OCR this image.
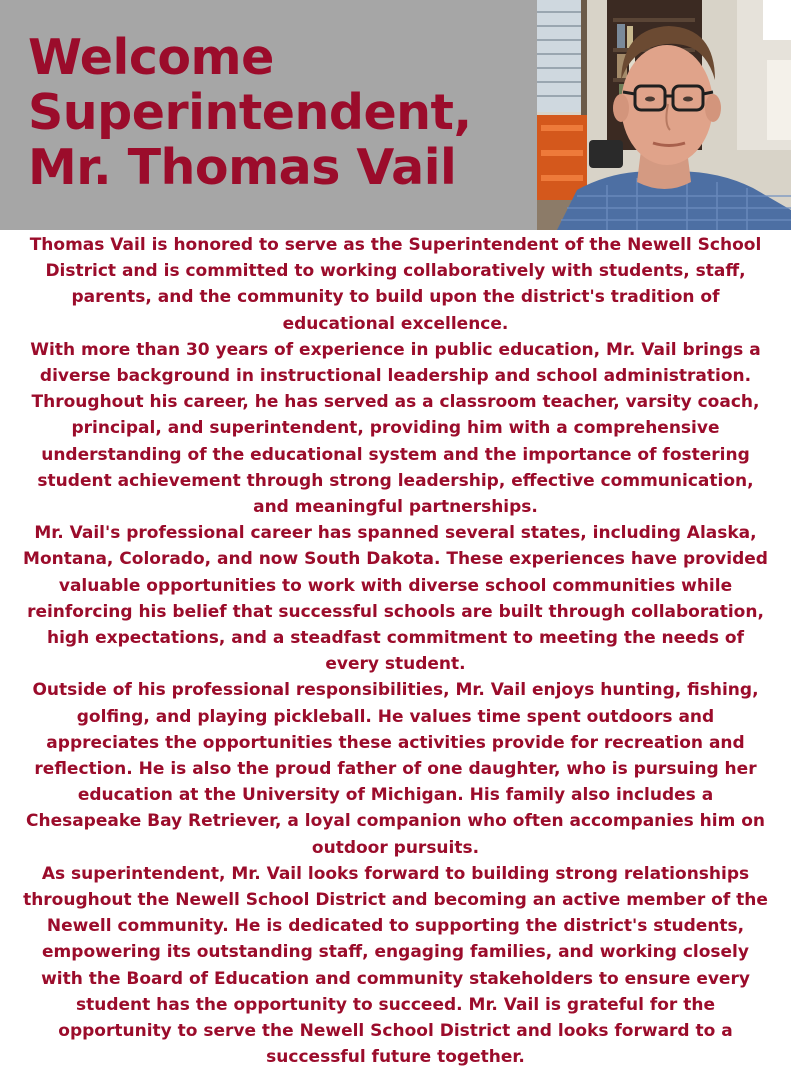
Welcome
Superintendent,
Mr. Thomas Vail

Thomas Vail is honored to serve as the Superintendent of the Newell School District and is committed to working collaboratively with students, staff, parents, and the community to build upon the district's tradition of educational excellence.

With more than 30 years of experience in public education, Mr. Vail brings a diverse background in instructional leadership and school administration. Throughout his career, he has served as a classroom teacher, varsity coach, principal, and superintendent, providing him with a comprehensive understanding of the educational system and the importance of fostering student achievement through strong leadership, effective communication, and meaningful partnerships.

Mr. Vail's professional career has spanned several states, including Alaska, Montana, Colorado, and now South Dakota. These experiences have provided valuable opportunities to work with diverse school communities while reinforcing his belief that successful schools are built through collaboration, high expectations, and a steadfast commitment to meeting the needs of every student.

Outside of his professional responsibilities, Mr. Vail enjoys hunting, fishing, golfing, and playing pickleball. He values time spent outdoors and appreciates the opportunities these activities provide for recreation and reflection. He is also the proud father of one daughter, who is pursuing her education at the University of Michigan. His family also includes a Chesapeake Bay Retriever, a loyal companion who often accompanies him on outdoor pursuits.

As superintendent, Mr. Vail looks forward to building strong relationships throughout the Newell School District and becoming an active member of the Newell community. He is dedicated to supporting the district's students, empowering its outstanding staff, engaging families, and working closely with the Board of Education and community stakeholders to ensure every student has the opportunity to succeed. Mr. Vail is grateful for the opportunity to serve the Newell School District and looks forward to a successful future together.
